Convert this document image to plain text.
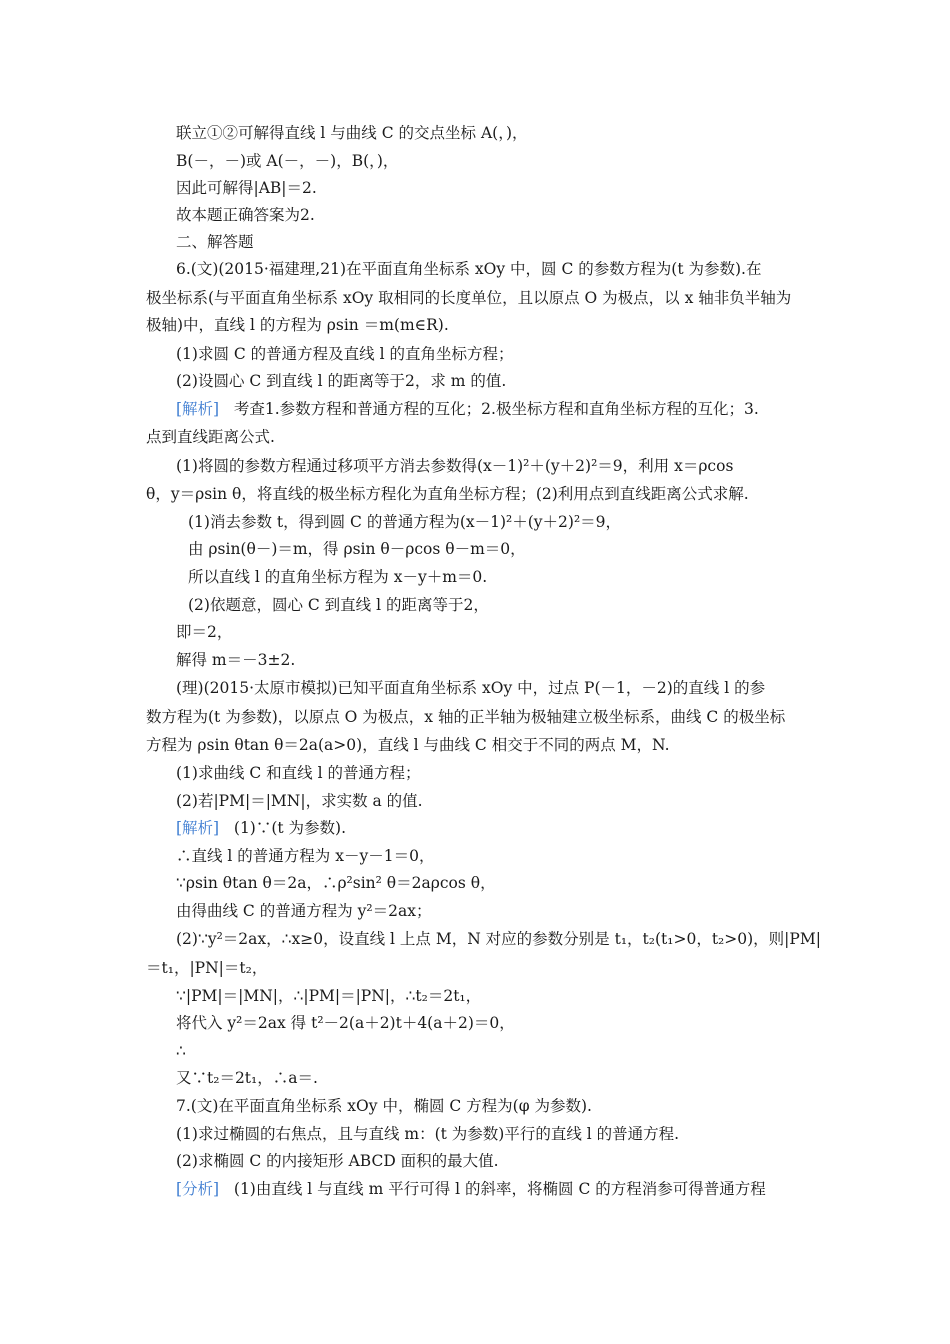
联立①②可解得直线 l 与曲线 C 的交点坐标 A(，)，
B(－，－)或 A(－，－)，B(，)，
因此可解得|AB|＝2.
故本题正确答案为2.
二、解答题
6.(文)(2015·福建理,21)在平面直角坐标系 xOy 中，圆 C 的参数方程为(t 为参数).在
极坐标系(与平面直角坐标系 xOy 取相同的长度单位，且以原点 O 为极点，以 x 轴非负半轴为
极轴)中，直线 l 的方程为 ρsin ＝m(m∈R).
(1)求圆 C 的普通方程及直线 l 的直角坐标方程；
(2)设圆心 C 到直线 l 的距离等于2，求 m 的值.
[解析] 考查1.参数方程和普通方程的互化；2.极坐标方程和直角坐标方程的互化；3.
点到直线距离公式.
(1)将圆的参数方程通过移项平方消去参数得(x－1)²＋(y＋2)²＝9，利用 x＝ρcos
θ，y＝ρsin θ，将直线的极坐标方程化为直角坐标方程；(2)利用点到直线距离公式求解.
(1)消去参数 t，得到圆 C 的普通方程为(x－1)²＋(y＋2)²＝9，
由 ρsin(θ－)＝m，得 ρsin θ－ρcos θ－m＝0，
所以直线 l 的直角坐标方程为 x－y＋m＝0.
(2)依题意，圆心 C 到直线 l 的距离等于2，
即＝2，
解得 m＝－3±2.
(理)(2015·太原市模拟)已知平面直角坐标系 xOy 中，过点 P(－1，－2)的直线 l 的参
数方程为(t 为参数)，以原点 O 为极点，x 轴的正半轴为极轴建立极坐标系，曲线 C 的极坐标
方程为 ρsin θtan θ＝2a(a>0)，直线 l 与曲线 C 相交于不同的两点 M，N.
(1)求曲线 C 和直线 l 的普通方程；
(2)若|PM|＝|MN|，求实数 a 的值.
[解析] (1)∵(t 为参数).
∴直线 l 的普通方程为 x－y－1＝0，
∵ρsin θtan θ＝2a，∴ρ²sin² θ＝2aρcos θ，
由得曲线 C 的普通方程为 y²＝2ax；
(2)∵y²＝2ax，∴x≥0，设直线 l 上点 M，N 对应的参数分别是 t₁，t₂(t₁>0，t₂>0)，则|PM|
＝t₁，|PN|＝t₂，
∵|PM|＝|MN|，∴|PM|＝|PN|，∴t₂＝2t₁，
将代入 y²＝2ax 得 t²－2(a＋2)t＋4(a＋2)＝0，
∴
又∵t₂＝2t₁，∴a＝.
7.(文)在平面直角坐标系 xOy 中，椭圆 C 方程为(φ 为参数).
(1)求过椭圆的右焦点，且与直线 m：(t 为参数)平行的直线 l 的普通方程.
(2)求椭圆 C 的内接矩形 ABCD 面积的最大值.
[分析] (1)由直线 l 与直线 m 平行可得 l 的斜率，将椭圆 C 的方程消参可得普通方程
